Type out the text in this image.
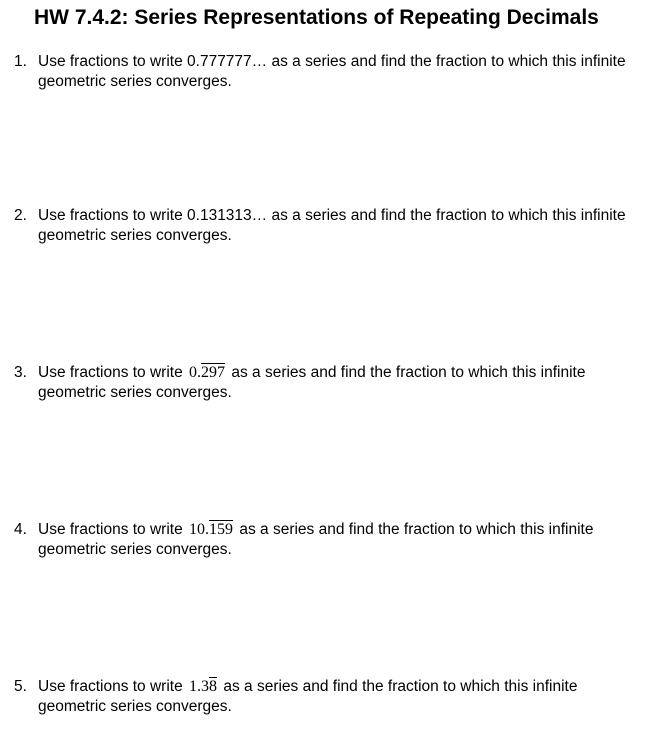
HW 7.4.2: Series Representations of Repeating Decimals
1. Use fractions to write 0.777777… as a series and find the fraction to which this infinite geometric series converges.
2. Use fractions to write 0.131313… as a series and find the fraction to which this infinite geometric series converges.
3. Use fractions to write 0.297 as a series and find the fraction to which this infinite geometric series converges.
4. Use fractions to write 10.159 as a series and find the fraction to which this infinite geometric series converges.
5. Use fractions to write 1.38 as a series and find the fraction to which this infinite geometric series converges.
